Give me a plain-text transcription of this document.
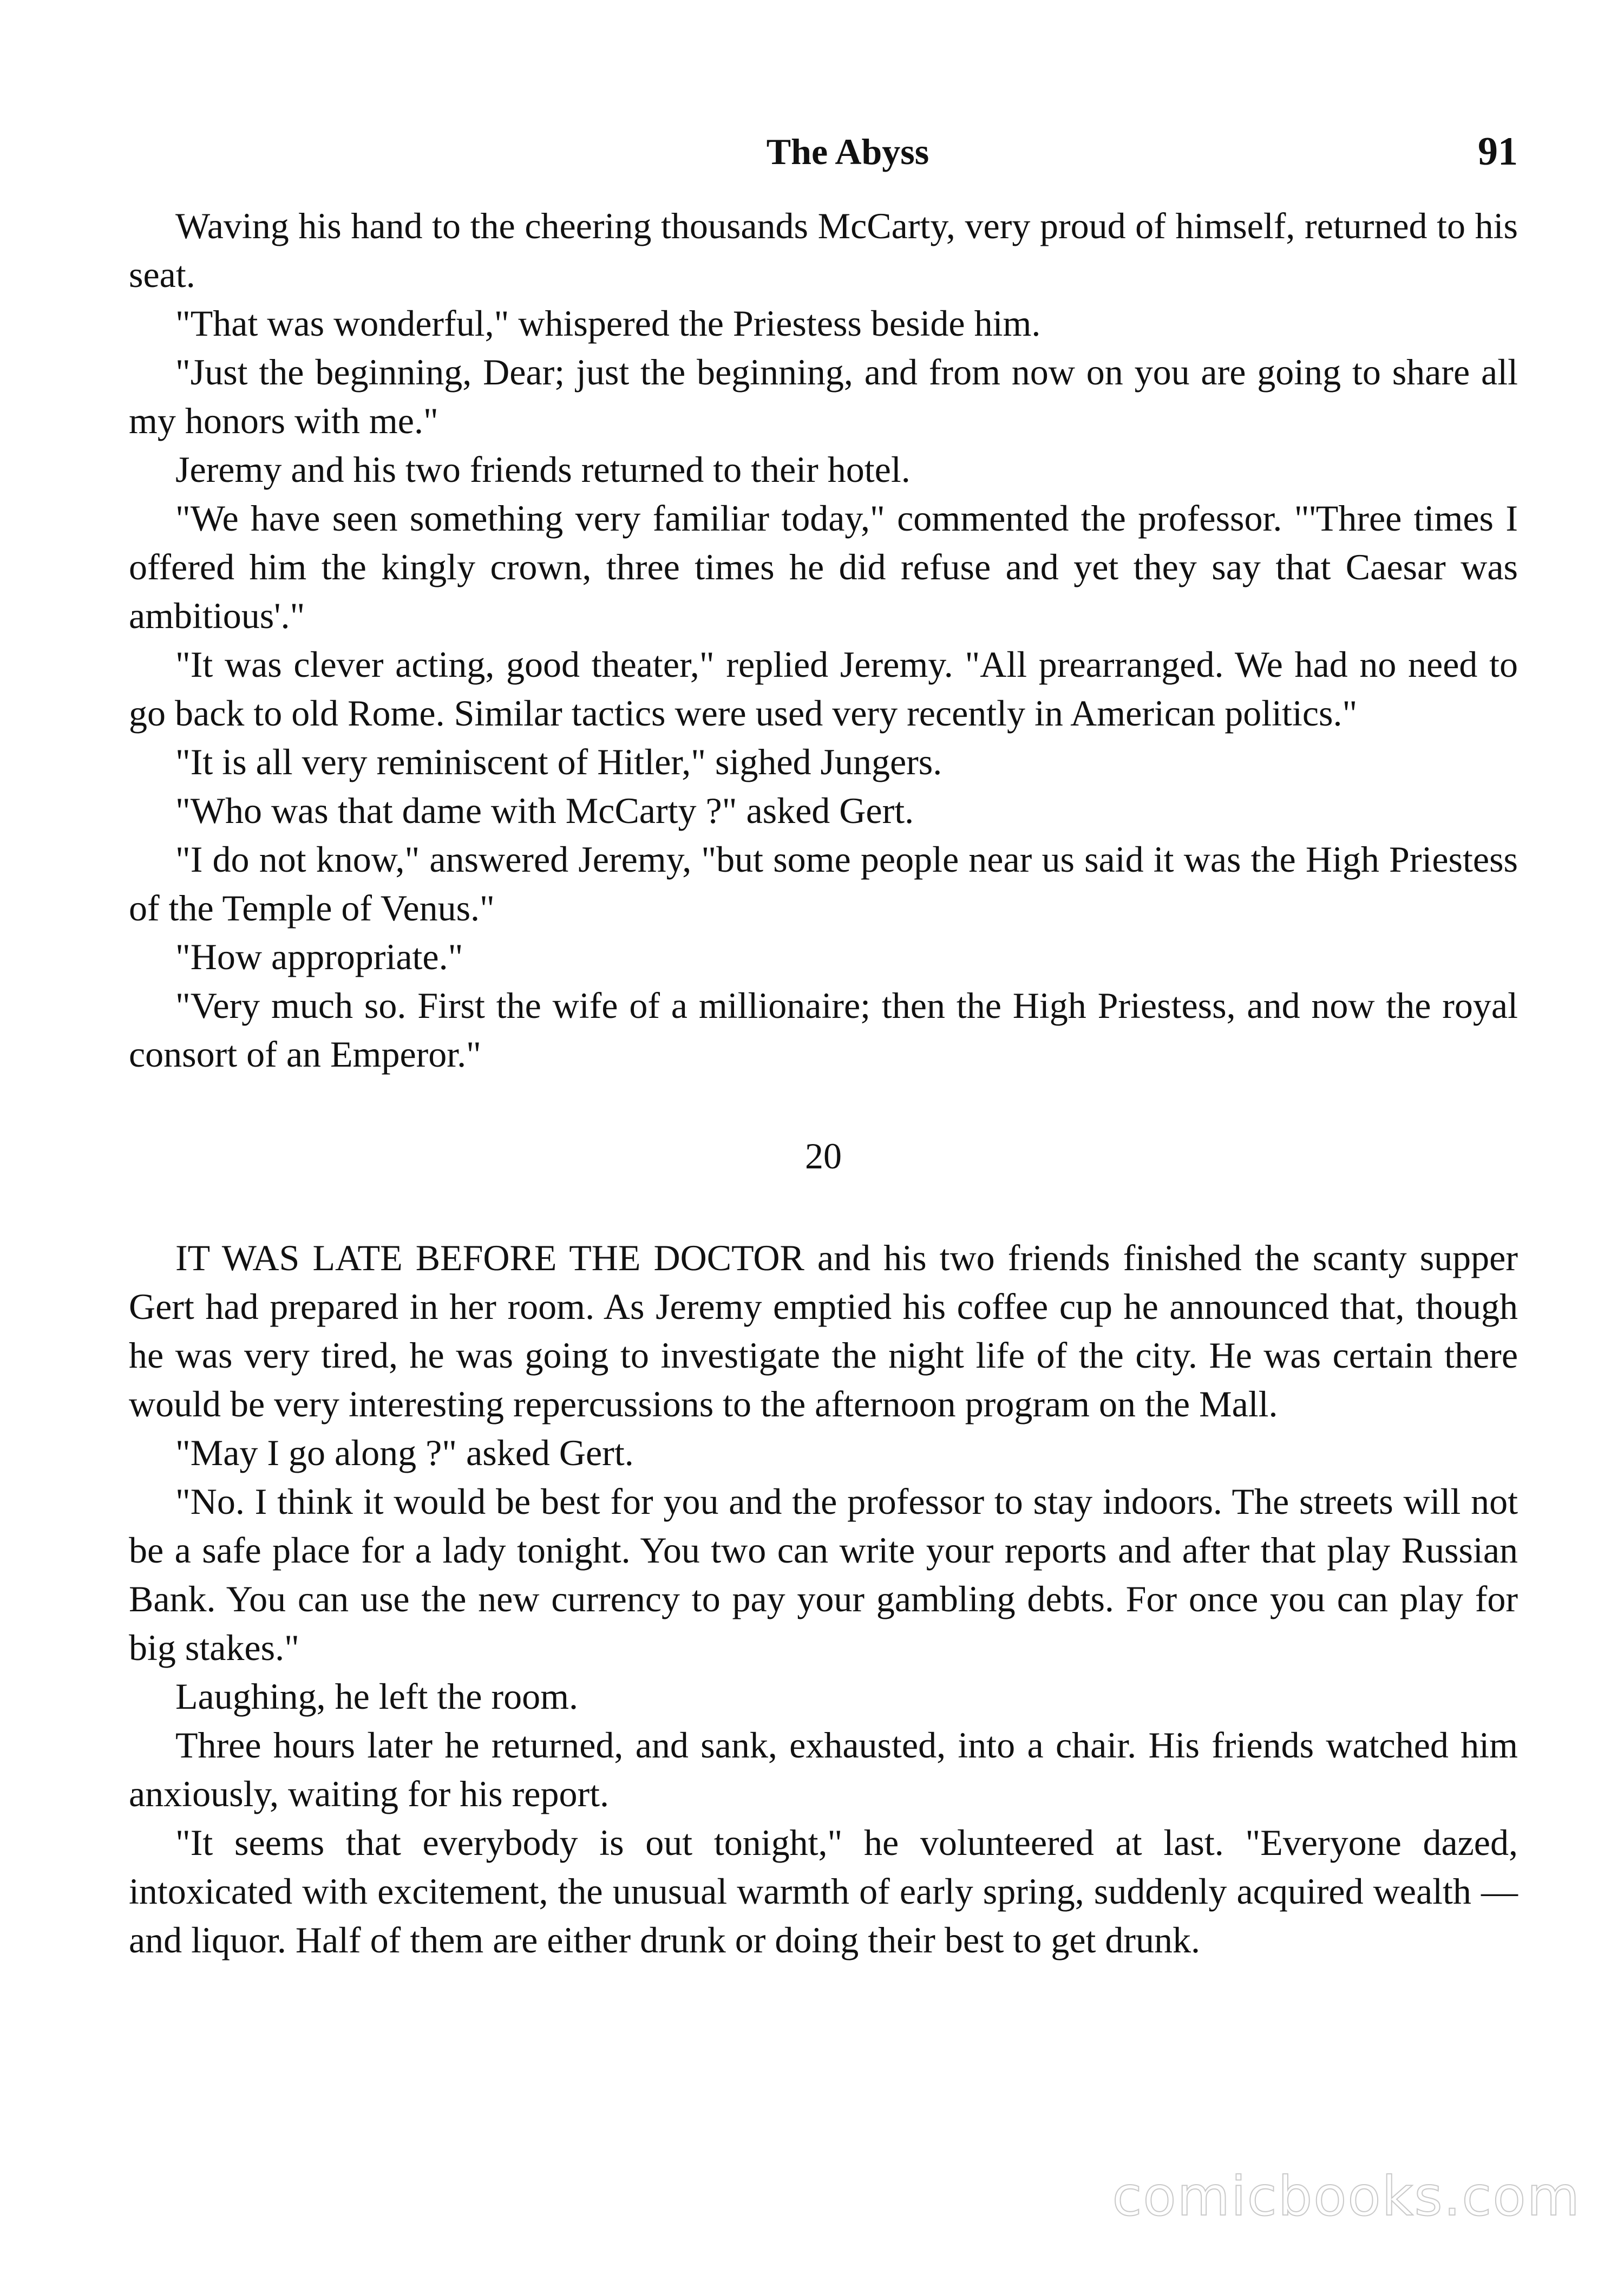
The Abyss	91

Waving his hand to the cheering thousands McCarty, very proud of himself, returned to his seat.

"That was wonderful," whispered the Priestess beside him.

"Just the beginning, Dear; just the beginning, and from now on you are going to share all my honors with me."

Jeremy and his two friends returned to their hotel.

"We have seen something very familiar today," commented the professor. "'Three times I offered him the kingly crown, three times he did refuse and yet they say that Caesar was ambitious'."

"It was clever acting, good theater," replied Jeremy. "All prearranged. We had no need to go back to old Rome. Similar tactics were used very recently in American politics."

"It is all very reminiscent of Hitler," sighed Jungers.

"Who was that dame with McCarty ?" asked Gert.

"I do not know," answered Jeremy, "but some people near us said it was the High Priestess of the Temple of Venus."

"How appropriate."

"Very much so. First the wife of a millionaire; then the High Priestess, and now the royal consort of an Emperor."

20

IT WAS LATE BEFORE THE DOCTOR and his two friends finished the scanty supper Gert had prepared in her room. As Jeremy emptied his coffee cup he announced that, though he was very tired, he was going to investigate the night life of the city. He was certain there would be very interesting repercussions to the afternoon program on the Mall.

"May I go along ?" asked Gert.

"No. I think it would be best for you and the professor to stay indoors. The streets will not be a safe place for a lady tonight. You two can write your reports and after that play Russian Bank. You can use the new currency to pay your gambling debts. For once you can play for big stakes."

Laughing, he left the room.

Three hours later he returned, and sank, exhausted, into a chair. His friends watched him anxiously, waiting for his report.

"It seems that everybody is out tonight," he volunteered at last. "Everyone dazed, intoxicated with excitement, the unusual warmth of early spring, suddenly acquired wealth — and liquor. Half of them are either drunk or doing their best to get drunk.

comicbooks.com
